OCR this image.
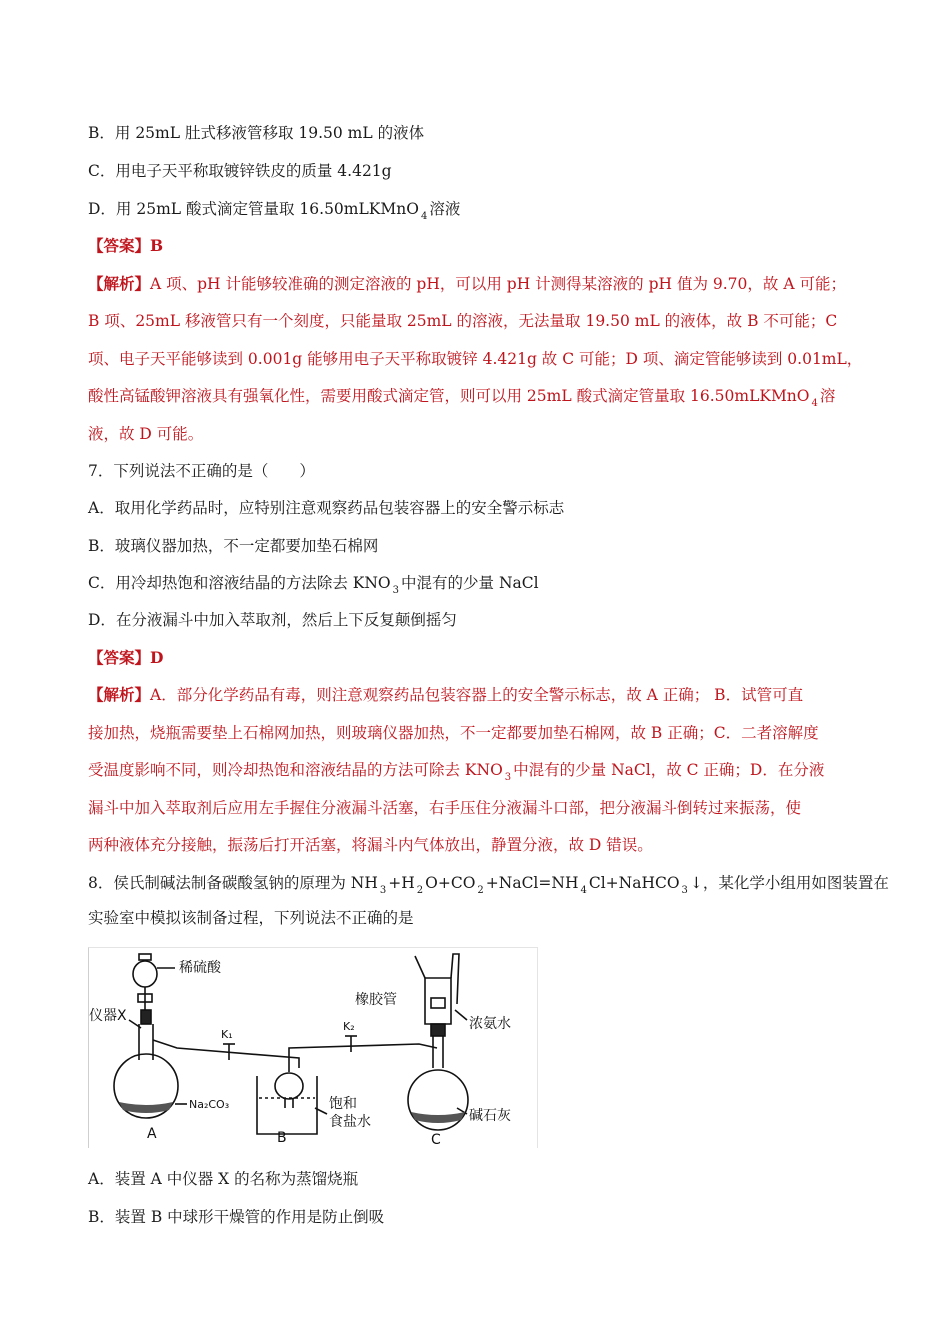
B．用 25mL 肚式移液管移取 19.50 mL 的液体
C．用电子天平称取镀锌铁皮的质量 4.421g
D．用 25mL 酸式滴定管量取 16.50mLKMnO $_4$ 溶液
【答案】B
【解析】A 项、pH 计能够较准确的测定溶液的 pH，可以用 pH 计测得某溶液的 pH 值为 9.70，故 A 可能；
B 项、25mL 移液管只有一个刻度，只能量取 25mL 的溶液，无法量取 19.50 mL 的液体，故 B 不可能；C
项、电子天平能够读到 0.001g 能够用电子天平称取镀锌 4.421g 故 C 可能；D 项、滴定管能够读到 0.01mL，
酸性高锰酸钾溶液具有强氧化性，需要用酸式滴定管，则可以用 25mL 酸式滴定管量取 16.50mLKMnO $_4$ 溶
液，故 D 可能。
7．下列说法不正确的是（　　）
A．取用化学药品时，应特别注意观察药品包装容器上的安全警示标志
B．玻璃仪器加热，不一定都要加垫石棉网
C．用冷却热饱和溶液结晶的方法除去 KNO $_3$ 中混有的少量 NaCl
D．在分液漏斗中加入萃取剂，然后上下反复颠倒摇匀
【答案】D
【解析】A．部分化学药品有毒，则注意观察药品包装容器上的安全警示标志，故 A 正确； B．试管可直
接加热，烧瓶需要垫上石棉网加热，则玻璃仪器加热，不一定都要加垫石棉网，故 B 正确；C．二者溶解度
受温度影响不同，则冷却热饱和溶液结晶的方法可除去 KNO $_3$ 中混有的少量 NaCl，故 C 正确；D．在分液
漏斗中加入萃取剂后应用左手握住分液漏斗活塞，右手压住分液漏斗口部，把分液漏斗倒转过来振荡，使
两种液体充分接触，振荡后打开活塞，将漏斗内气体放出，静置分液，故 D 错误。
8．侯氏制碱法制备碳酸氢钠的原理为 NH $_3$ +H $_2$ O+CO $_2$ +NaCl=NH $_4$ Cl+NaHCO $_3$ ↓，某化学小组用如图装置在
实验室中模拟该制备过程，下列说法不正确的是
稀硫酸
仪器X
K₁
K₂
橡胶管
浓氨水
Na₂CO₃	饱和
食盐水	碱石灰
A	B	C
A．装置 A 中仪器 X 的名称为蒸馏烧瓶
B．装置 B 中球形干燥管的作用是防止倒吸
